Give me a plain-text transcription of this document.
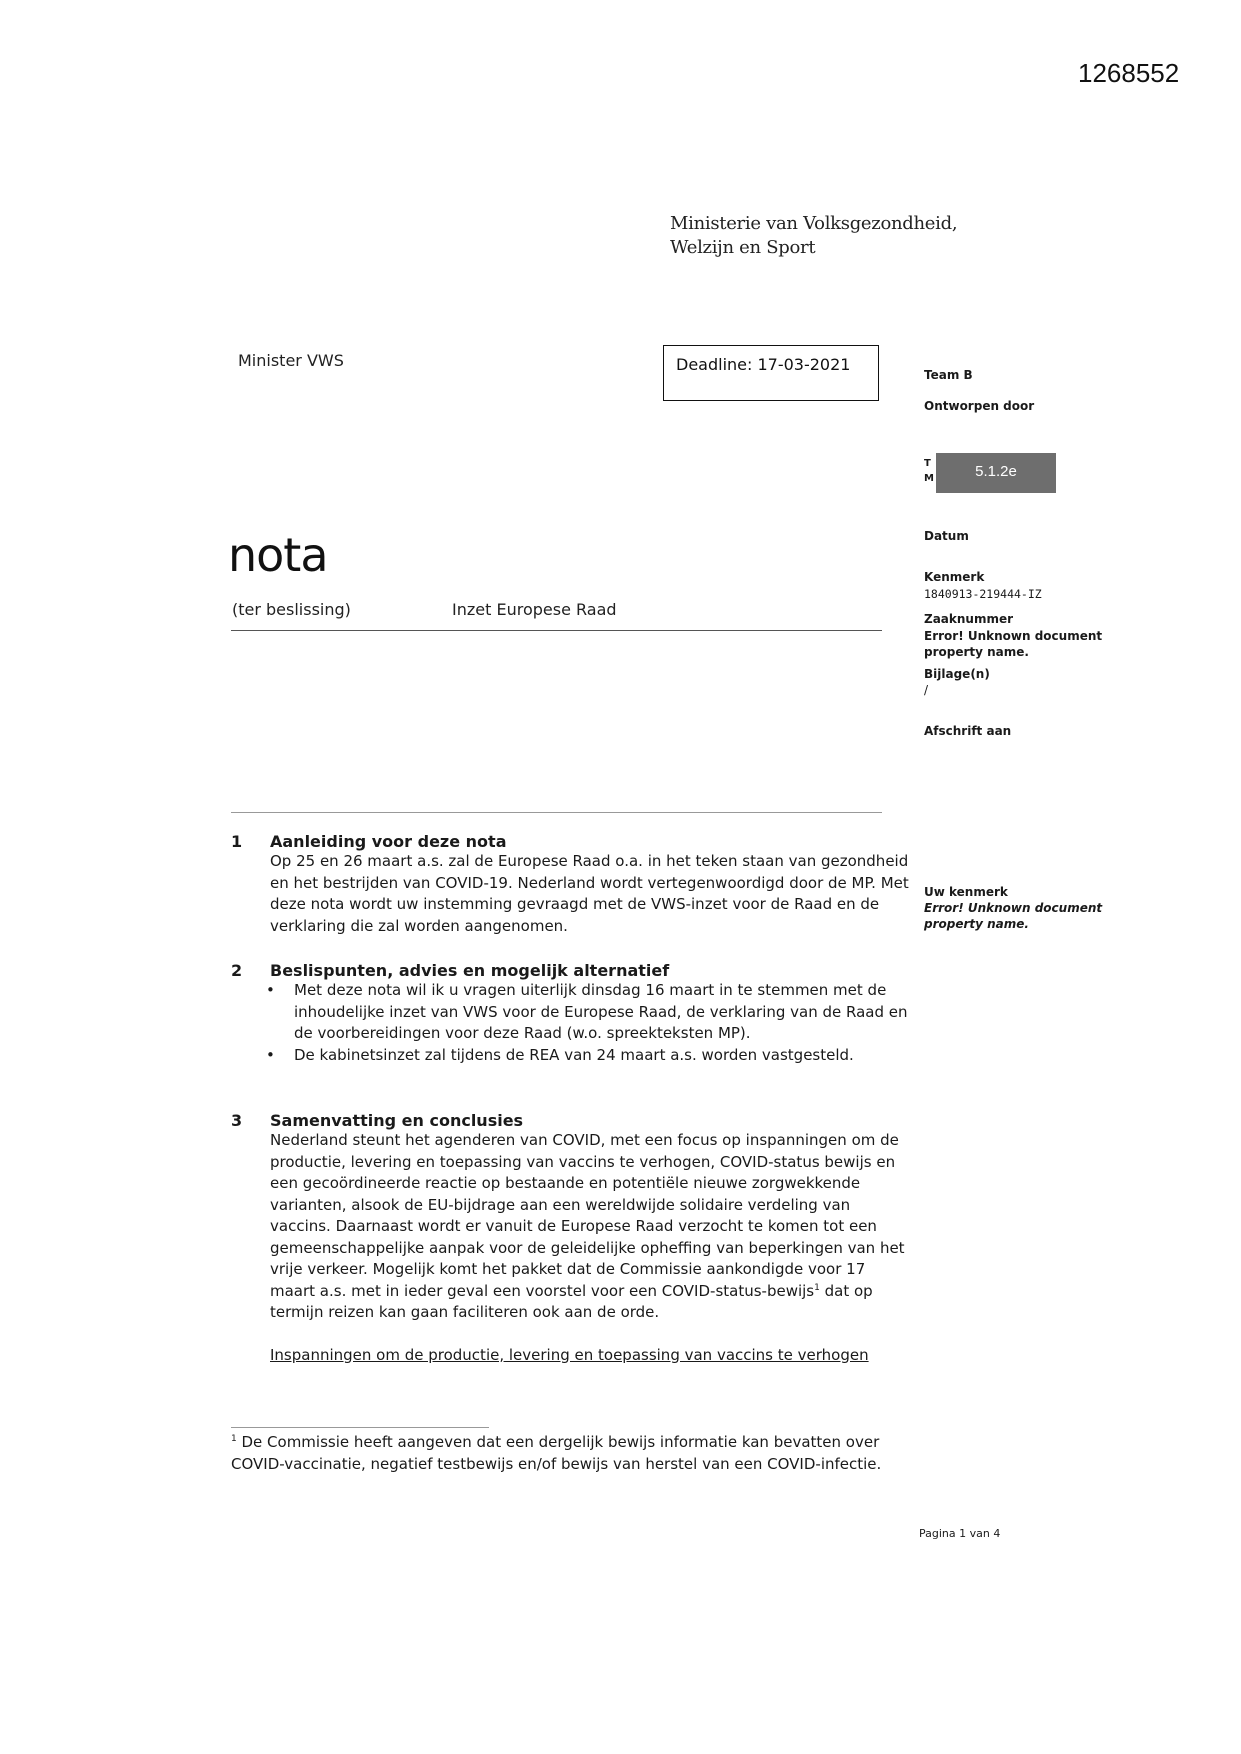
1268552
Ministerie van Volksgezondheid,
Welzijn en Sport
Minister VWS	Deadline: 17-03-2021
Team B
Ontworpen door
T
M	5.1.2e
Datum
Kenmerk
1840913-219444-IZ
Zaaknummer
Error! Unknown document property name.
Bijlage(n)
/
Afschrift aan
Uw kenmerk
Error! Unknown document property name.
nota
(ter beslissing)	Inzet Europese Raad
1 Aanleiding voor deze nota
Op 25 en 26 maart a.s. zal de Europese Raad o.a. in het teken staan van gezondheid en het bestrijden van COVID-19. Nederland wordt vertegenwoordigd door de MP. Met deze nota wordt uw instemming gevraagd met de VWS-inzet voor de Raad en de verklaring die zal worden aangenomen.
2 Beslispunten, advies en mogelijk alternatief
• Met deze nota wil ik u vragen uiterlijk dinsdag 16 maart in te stemmen met de inhoudelijke inzet van VWS voor de Europese Raad, de verklaring van de Raad en de voorbereidingen voor deze Raad (w.o. spreekteksten MP).
• De kabinetsinzet zal tijdens de REA van 24 maart a.s. worden vastgesteld.
3 Samenvatting en conclusies
Nederland steunt het agenderen van COVID, met een focus op inspanningen om de productie, levering en toepassing van vaccins te verhogen, COVID-status bewijs en een gecoördineerde reactie op bestaande en potentiële nieuwe zorgwekkende varianten, alsook de EU-bijdrage aan een wereldwijde solidaire verdeling van vaccins. Daarnaast wordt er vanuit de Europese Raad verzocht te komen tot een gemeenschappelijke aanpak voor de geleidelijke opheffing van beperkingen van het vrije verkeer. Mogelijk komt het pakket dat de Commissie aankondigde voor 17 maart a.s. met in ieder geval een voorstel voor een COVID-status-bewijs$^1$ dat op termijn reizen kan gaan faciliteren ook aan de orde.
Inspanningen om de productie, levering en toepassing van vaccins te verhogen
$^1$ De Commissie heeft aangeven dat een dergelijk bewijs informatie kan bevatten over COVID-vaccinatie, negatief testbewijs en/of bewijs van herstel van een COVID-infectie.
Pagina 1 van 4
